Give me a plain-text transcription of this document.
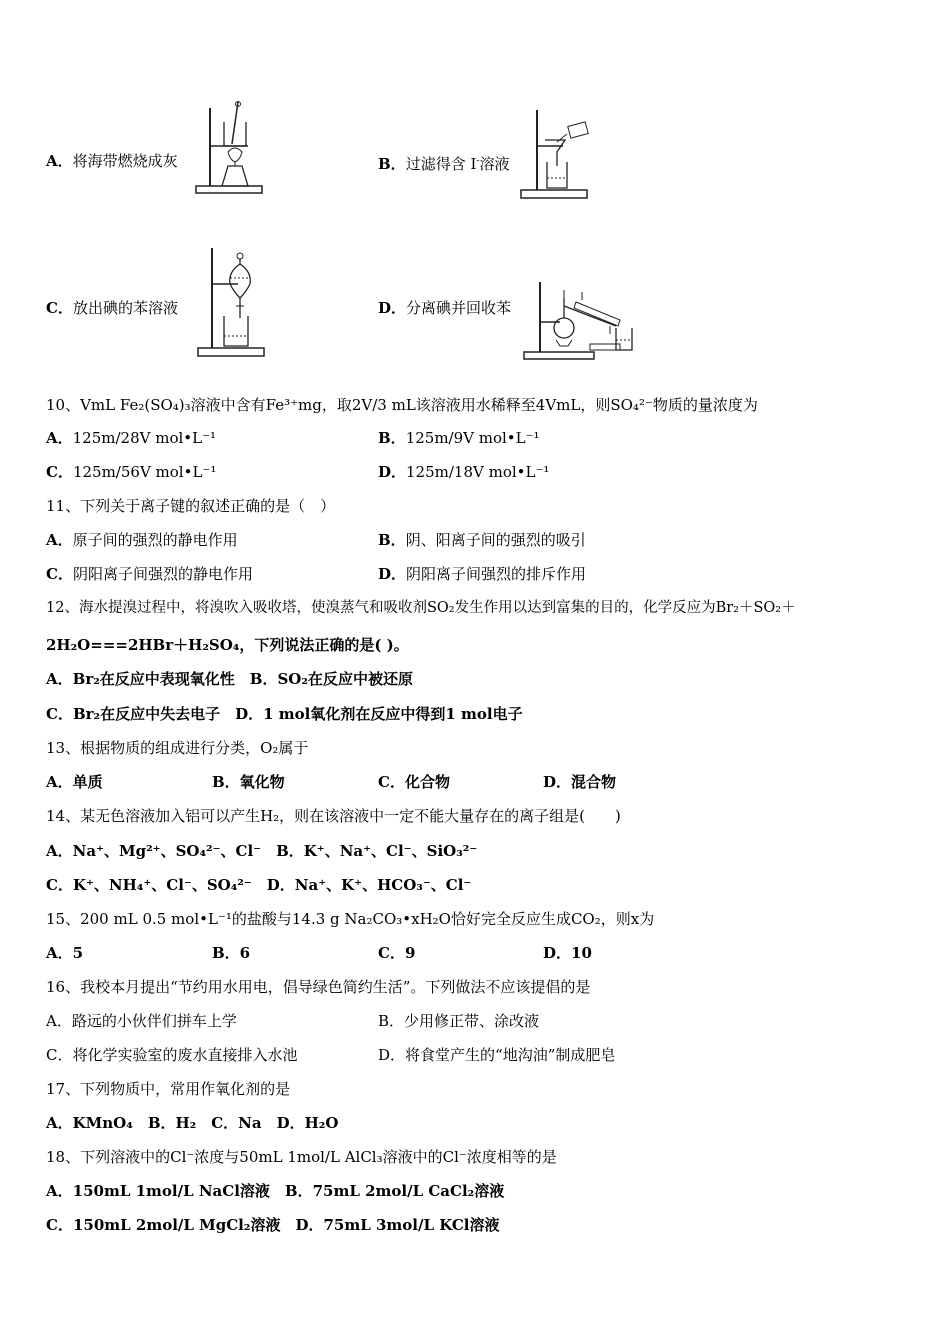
A．将海带燃烧成灰	B．过滤得含 I-溶液
C．放出碘的苯溶液	D．分离碘并回收苯
10、VmL Fe₂(SO₄)₃溶液中含有Fe³⁺mg，取2V/3 mL该溶液用水稀释至4VmL，则SO₄²⁻物质的量浓度为
A．125m/28V mol•L⁻¹	B．125m/9V mol•L⁻¹
C．125m/56V mol•L⁻¹	D．125m/18V mol•L⁻¹
11、下列关于离子键的叙述正确的是（　）
A．原子间的强烈的静电作用	B．阴、阳离子间的强烈的吸引
C．阴阳离子间强烈的静电作用	D．阴阳离子间强烈的排斥作用
12、海水提溴过程中，将溴吹入吸收塔，使溴蒸气和吸收剂SO₂发生作用以达到富集的目的，化学反应为Br₂＋SO₂＋
2H₂O===2HBr＋H₂SO₄，下列说法正确的是( )。
A．Br₂在反应中表现氧化性　B．SO₂在反应中被还原
C．Br₂在反应中失去电子　D．1 mol氧化剂在反应中得到1 mol电子
13、根据物质的组成进行分类，O₂属于
A．单质	B．氧化物	C．化合物	D．混合物
14、某无色溶液加入铝可以产生H₂，则在该溶液中一定不能大量存在的离子组是(　　)
A．Na⁺、Mg²⁺、SO₄²⁻、Cl⁻　B．K⁺、Na⁺、Cl⁻、SiO₃²⁻
C．K⁺、NH₄⁺、Cl⁻、SO₄²⁻　D．Na⁺、K⁺、HCO₃⁻、Cl⁻
15、200 mL 0.5 mol•L⁻¹的盐酸与14.3 g Na₂CO₃•xH₂O恰好完全反应生成CO₂，则x为
A．5	B．6	C．9	D．10
16、我校本月提出“节约用水用电，倡导绿色简约生活”。下列做法不应该提倡的是
A．路远的小伙伴们拼车上学	B．少用修正带、涂改液
C．将化学实验室的废水直接排入水池	D．将食堂产生的“地沟油”制成肥皂
17、下列物质中，常用作氧化剂的是
A．KMnO₄　B．H₂　C．Na　D．H₂O
18、下列溶液中的Cl⁻浓度与50mL 1mol/L AlCl₃溶液中的Cl⁻浓度相等的是
A．150mL 1mol/L NaCl溶液　B．75mL 2mol/L CaCl₂溶液
C．150mL 2mol/L MgCl₂溶液　D．75mL 3mol/L KCl溶液
